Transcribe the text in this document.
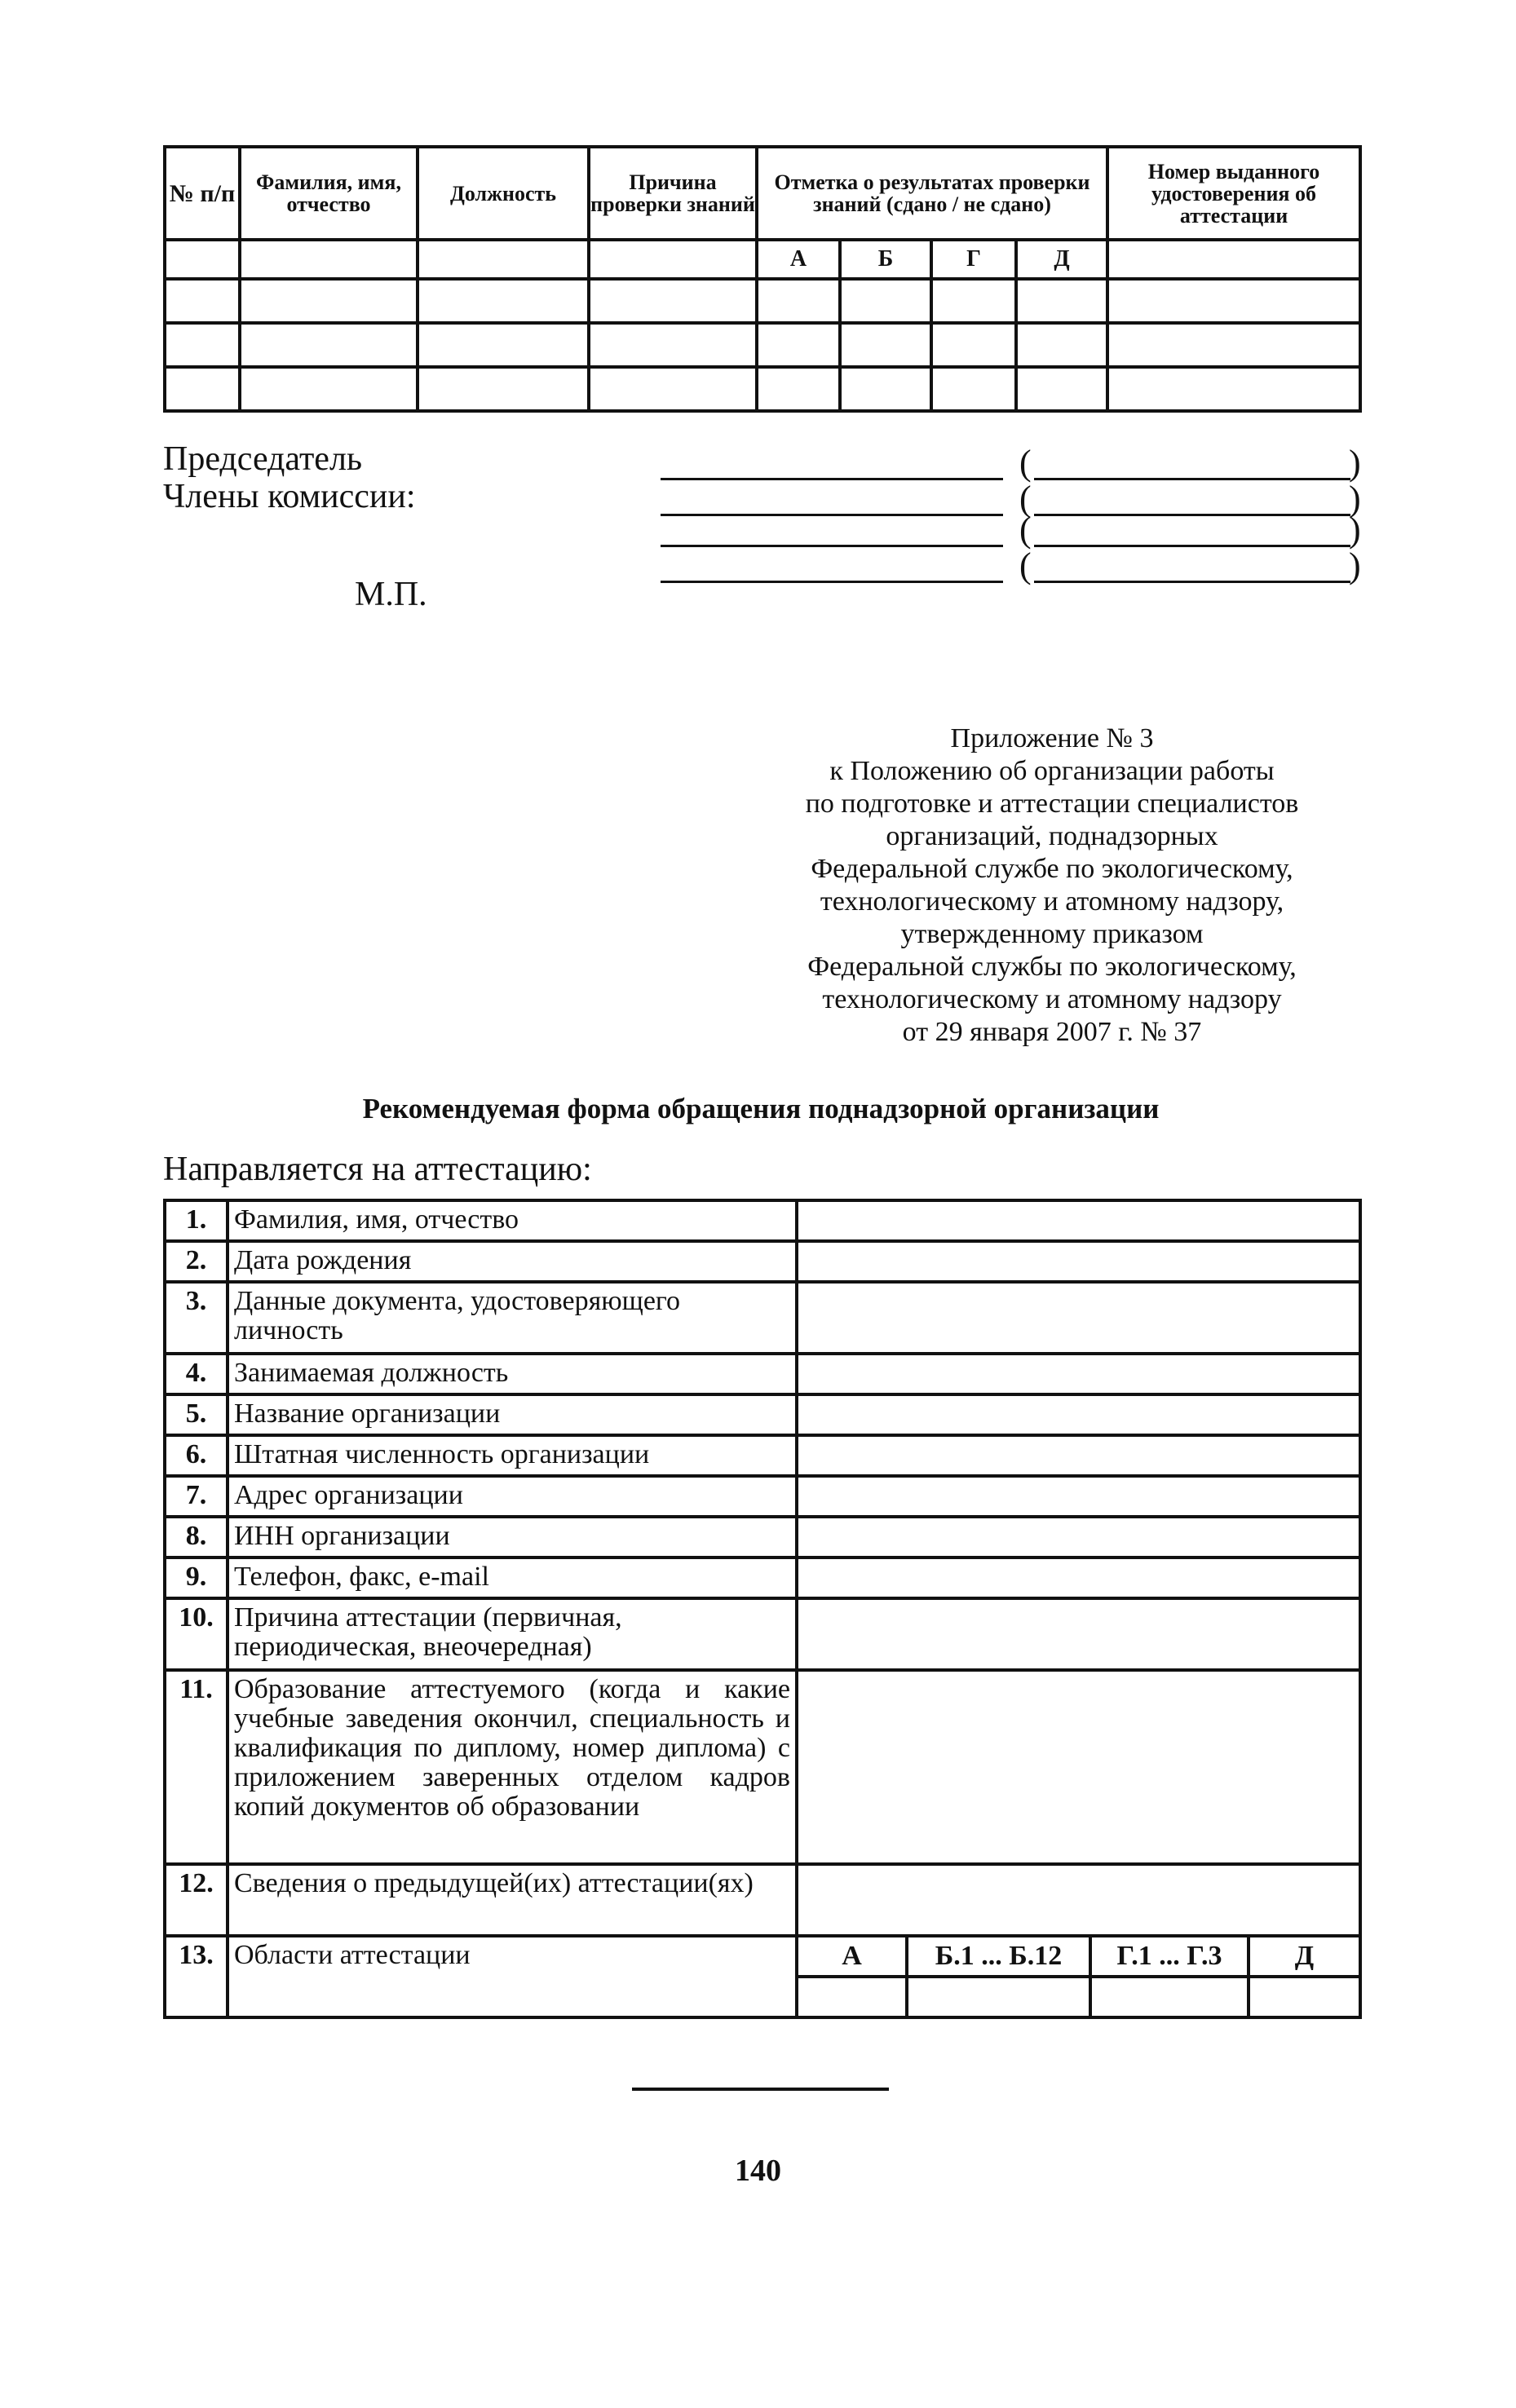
№ п/п	Фамилия, имя, отчество	Должность	Причина проверки знаний	Отметка о результатах проверки знаний (сдано / не сдано)				Номер выданного удостоверения об аттестации
				А	Б	Г	Д	

Председатель
Члены комиссии:
М.П.
(	)
(	)
(	)
(	)
Приложение № 3
к Положению об организации работы
по подготовке и аттестации специалистов
организаций, поднадзорных
Федеральной службе по экологическому,
технологическому и атомному надзору,
утвержденному приказом
Федеральной службы по экологическому,
технологическому и атомному надзору
от 29 января 2007 г. № 37
Рекомендуемая форма обращения поднадзорной организации
Направляется на аттестацию:
1.	Фамилия, имя, отчество				
2.	Дата рождения				
3.	Данные документа, удостоверяющего личность				
4.	Занимаемая должность				
5.	Название организации				
6.	Штатная численность организации				
7.	Адрес организации				
8.	ИНН организации				
9.	Телефон, факс, e-mail				
10.	Причина аттестации (первичная, периодическая, внеочередная)				
11.	Образование аттестуемого (когда и какие учебные заведения окончил, специальность и квалификация по диплому, номер диплома) с приложением заверенных отделом кадров копий документов об образовании				
12.	Сведения о предыдущей(их) аттестации(ях)				
13.	Области аттестации	А	Б.1 ... Б.12	Г.1 ... Г.3	Д

140
